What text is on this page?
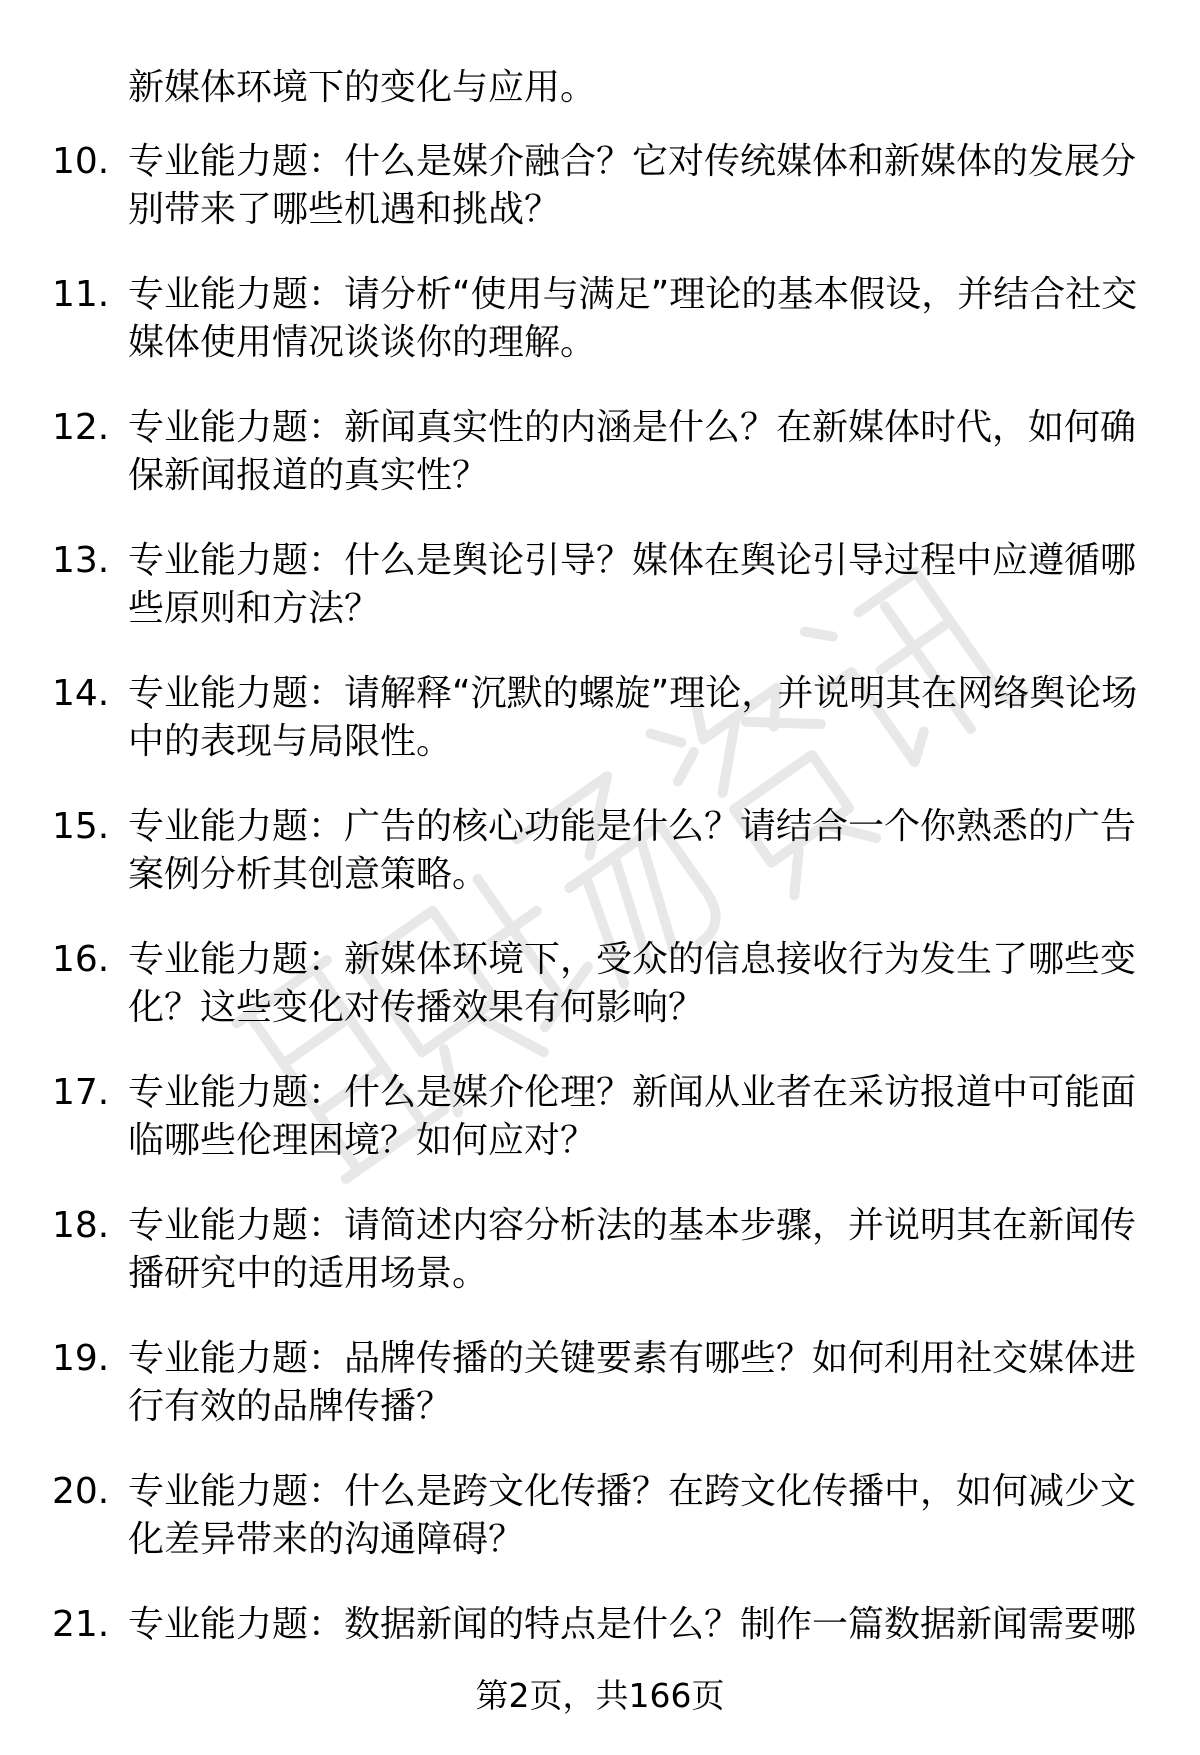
新媒体环境下的变化与应用。
10. 专业能力题：什么是媒介融合？它对传统媒体和新媒体的发展分别带来了哪些机遇和挑战？
11. 专业能力题：请分析“使用与满足”理论的基本假设，并结合社交媒体使用情况谈谈你的理解。
12. 专业能力题：新闻真实性的内涵是什么？在新媒体时代，如何确保新闻报道的真实性？
13. 专业能力题：什么是舆论引导？媒体在舆论引导过程中应遵循哪些原则和方法？
14. 专业能力题：请解释“沉默的螺旋”理论，并说明其在网络舆论场中的表现与局限性。
15. 专业能力题：广告的核心功能是什么？请结合一个你熟悉的广告案例分析其创意策略。
16. 专业能力题：新媒体环境下，受众的信息接收行为发生了哪些变化？这些变化对传播效果有何影响？
17. 专业能力题：什么是媒介伦理？新闻从业者在采访报道中可能面临哪些伦理困境？如何应对？
18. 专业能力题：请简述内容分析法的基本步骤，并说明其在新闻传播研究中的适用场景。
19. 专业能力题：品牌传播的关键要素有哪些？如何利用社交媒体进行有效的品牌传播？
20. 专业能力题：什么是跨文化传播？在跨文化传播中，如何减少文化差异带来的沟通障碍？
21. 专业能力题：数据新闻的特点是什么？制作一篇数据新闻需要哪
第2页，共166页
